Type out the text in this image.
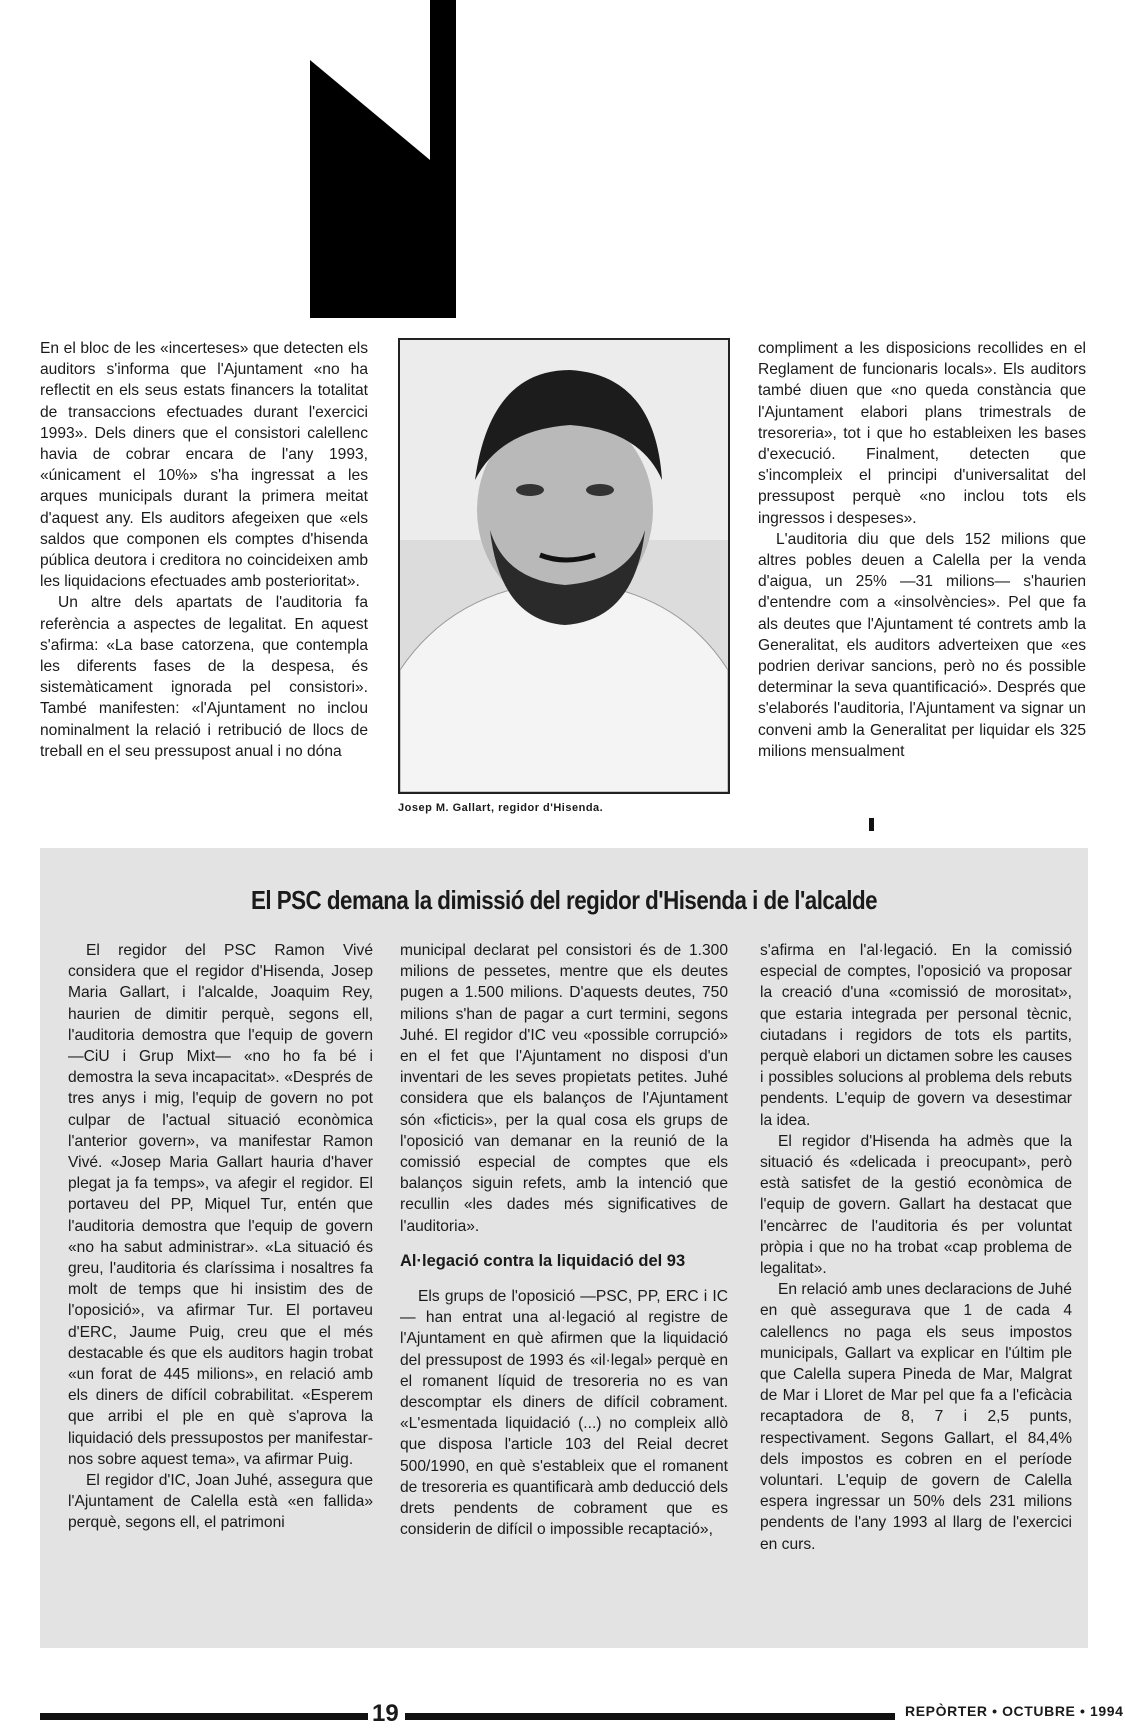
En el bloc de les «incerteses» que detecten els auditors s'informa que l'Ajuntament «no ha reflectit en els seus estats financers la totalitat de transaccions efectuades durant l'exercici 1993». Dels diners que el consistori calellenc havia de cobrar encara de l'any 1993, «únicament el 10%» s'ha ingressat a les arques municipals durant la primera meitat d'aquest any. Els auditors afegeixen que «els saldos que componen els comptes d'hisenda pública deutora i creditora no coincideixen amb les liquidacions efectuades amb posterioritat».

Un altre dels apartats de l'auditoria fa referència a aspectes de legalitat. En aquest s'afirma: «La base catorzena, que contempla les diferents fases de la despesa, és sistemàticament ignorada pel consistori». També manifesten: «l'Ajuntament no inclou nominalment la relació i retribució de llocs de treball en el seu pressupost anual i no dóna

Josep M. Gallart, regidor d'Hisenda.

compliment a les disposicions recollides en el Reglament de funcionaris locals». Els auditors també diuen que «no queda constància que l'Ajuntament elabori plans trimestrals de tresoreria», tot i que ho estableixen les bases d'execució. Finalment, detecten que s'incompleix el principi d'universalitat del pressupost perquè «no inclou tots els ingressos i despeses».

L'auditoria diu que dels 152 milions que altres pobles deuen a Calella per la venda d'aigua, un 25% —31 milions— s'haurien d'entendre com a «insolvències». Pel que fa als deutes que l'Ajuntament té contrets amb la Generalitat, els auditors adverteixen que «es podrien derivar sancions, però no és possible determinar la seva quantificació». Després que s'elaborés l'auditoria, l'Ajuntament va signar un conveni amb la Generalitat per liquidar els 325 milions mensualment

El PSC demana la dimissió del regidor d'Hisenda i de l'alcalde

El regidor del PSC Ramon Vivé considera que el regidor d'Hisenda, Josep Maria Gallart, i l'alcalde, Joaquim Rey, haurien de dimitir perquè, segons ell, l'auditoria demostra que l'equip de govern —CiU i Grup Mixt— «no ho fa bé i demostra la seva incapacitat». «Després de tres anys i mig, l'equip de govern no pot culpar de l'actual situació econòmica l'anterior govern», va manifestar Ramon Vivé. «Josep Maria Gallart hauria d'haver plegat ja fa temps», va afegir el regidor. El portaveu del PP, Miquel Tur, entén que l'auditoria demostra que l'equip de govern «no ha sabut administrar». «La situació és greu, l'auditoria és claríssima i nosaltres fa molt de temps que hi insistim des de l'oposició», va afirmar Tur. El portaveu d'ERC, Jaume Puig, creu que el més destacable és que els auditors hagin trobat «un forat de 445 milions», en relació amb els diners de difícil cobrabilitat. «Esperem que arribi el ple en què s'aprova la liquidació dels pressupostos per manifestar-nos sobre aquest tema», va afirmar Puig.

El regidor d'IC, Joan Juhé, assegura que l'Ajuntament de Calella està «en fallida» perquè, segons ell, el patrimoni

municipal declarat pel consistori és de 1.300 milions de pessetes, mentre que els deutes pugen a 1.500 milions. D'aquests deutes, 750 milions s'han de pagar a curt termini, segons Juhé. El regidor d'IC veu «possible corrupció» en el fet que l'Ajuntament no disposi d'un inventari de les seves propietats petites. Juhé considera que els balanços de l'Ajuntament són «ficticis», per la qual cosa els grups de l'oposició van demanar en la reunió de la comissió especial de comptes que els balanços siguin refets, amb la intenció que recullin «les dades més significatives de l'auditoria».

Al·legació contra la liquidació del 93

Els grups de l'oposició —PSC, PP, ERC i IC— han entrat una al·legació al registre de l'Ajuntament en què afirmen que la liquidació del pressupost de 1993 és «il·legal» perquè en el romanent líquid de tresoreria no es van descomptar els diners de difícil cobrament. «L'esmentada liquidació (...) no compleix allò que disposa l'article 103 del Reial decret 500/1990, en què s'estableix que el romanent de tresoreria es quantificarà amb deducció dels drets pendents de cobrament que es considerin de difícil o impossible recaptació»,

s'afirma en l'al·legació. En la comissió especial de comptes, l'oposició va proposar la creació d'una «comissió de morositat», que estaria integrada per personal tècnic, ciutadans i regidors de tots els partits, perquè elabori un dictamen sobre les causes i possibles solucions al problema dels rebuts pendents. L'equip de govern va desestimar la idea.

El regidor d'Hisenda ha admès que la situació és «delicada i preocupant», però està satisfet de la gestió econòmica de l'equip de govern. Gallart ha destacat que l'encàrrec de l'auditoria és per voluntat pròpia i que no ha trobat «cap problema de legalitat».

En relació amb unes declaracions de Juhé en què assegurava que 1 de cada 4 calellencs no paga els seus impostos municipals, Gallart va explicar en l'últim ple que Calella supera Pineda de Mar, Malgrat de Mar i Lloret de Mar pel que fa a l'eficàcia recaptadora de 8, 7 i 2,5 punts, respectivament. Segons Gallart, el 84,4% dels impostos es cobren en el període voluntari. L'equip de govern de Calella espera ingressar un 50% dels 231 milions pendents de l'any 1993 al llarg de l'exercici en curs.

19	REPÒRTER • OCTUBRE • 1994
